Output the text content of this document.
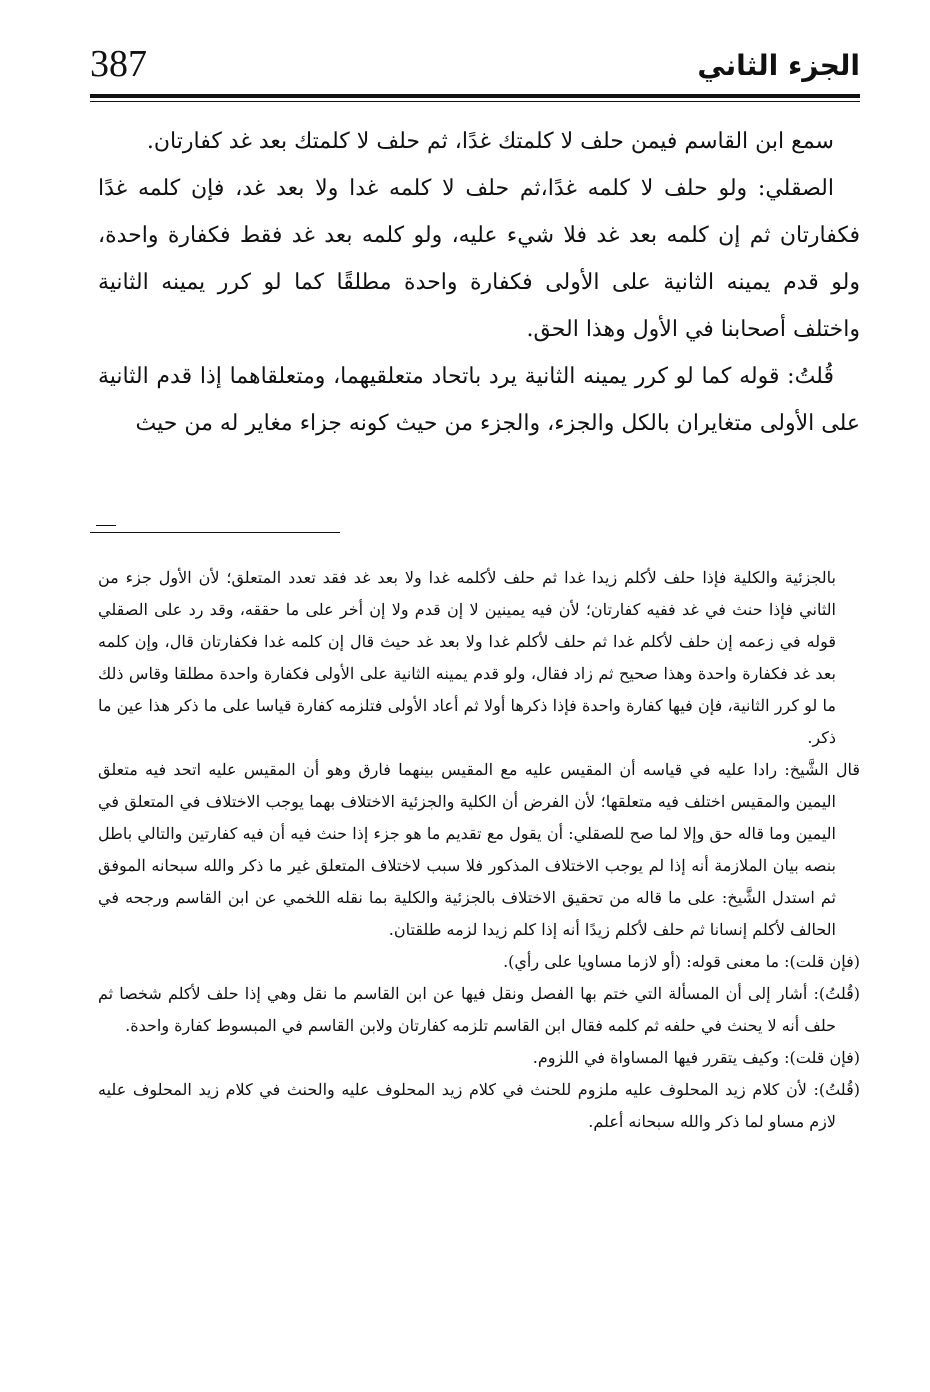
387	الجزء الثاني

سمع ابن القاسم فيمن حلف لا كلمتك غدًا، ثم حلف لا كلمتك بعد غد كفارتان.

الصقلي: ولو حلف لا كلمه غدًا،ثم حلف لا كلمه غدا ولا بعد غد، فإن كلمه غدًا فكفارتان ثم إن كلمه بعد غد فلا شيء عليه، ولو كلمه بعد غد فقط فكفارة واحدة، ولو قدم يمينه الثانية على الأولى فكفارة واحدة مطلقًا كما لو كرر يمينه الثانية واختلف أصحابنا في الأول وهذا الحق.

قُلتُ: قوله كما لو كرر يمينه الثانية يرد باتحاد متعلقيهما، ومتعلقاهما إذا قدم الثانية على الأولى متغايران بالكل والجزء، والجزء من حيث كونه جزاء مغاير له من حيث

بالجزئية والكلية فإذا حلف لأكلم زيدا غدا ثم حلف لأكلمه غدا ولا بعد غد فقد تعدد المتعلق؛ لأن الأول جزء من الثاني فإذا حنث في غد ففيه كفارتان؛ لأن فيه يمينين لا إن قدم ولا إن أخر على ما حققه، وقد رد على الصقلي قوله في زعمه إن حلف لأكلم غدا ثم حلف لأكلم غدا ولا بعد غد حيث قال إن كلمه غدا فكفارتان قال، وإن كلمه بعد غد فكفارة واحدة وهذا صحيح ثم زاد فقال، ولو قدم يمينه الثانية على الأولى فكفارة واحدة مطلقا وقاس ذلك ما لو كرر الثانية، فإن فيها كفارة واحدة فإذا ذكرها أولا ثم أعاد الأولى فتلزمه كفارة قياسا على ما ذكر هذا عين ما ذكر.

قال الشَّيخ: رادا عليه في قياسه أن المقيس عليه مع المقيس بينهما فارق وهو أن المقيس عليه اتحد فيه متعلق اليمين والمقيس اختلف فيه متعلقها؛ لأن الفرض أن الكلية والجزئية الاختلاف بهما يوجب الاختلاف في المتعلق في اليمين وما قاله حق وإلا لما صح للصقلي: أن يقول مع تقديم ما هو جزء إذا حنث فيه أن فيه كفارتين والتالي باطل بنصه بيان الملازمة أنه إذا لم يوجب الاختلاف المذكور فلا سبب لاختلاف المتعلق غير ما ذكر والله سبحانه الموفق ثم استدل الشَّيخ: على ما قاله من تحقيق الاختلاف بالجزئية والكلية بما نقله اللخمي عن ابن القاسم ورجحه في الحالف لأكلم إنسانا ثم حلف لأكلم زيدًا أنه إذا كلم زيدا لزمه طلقتان.

(فإن قلت): ما معنى قوله: (أو لازما مساويا على رأي).

(قُلتُ): أشار إلى أن المسألة التي ختم بها الفصل ونقل فيها عن ابن القاسم ما نقل وهي إذا حلف لأكلم شخصا ثم حلف أنه لا يحنث في حلفه ثم كلمه فقال ابن القاسم تلزمه كفارتان ولابن القاسم في المبسوط كفارة واحدة.

(فإن قلت): وكيف يتقرر فيها المساواة في اللزوم.

(قُلتُ): لأن كلام زيد المحلوف عليه ملزوم للحنث في كلام زيد المحلوف عليه والحنث في كلام زيد المحلوف عليه لازم مساو لما ذكر والله سبحانه أعلم.
